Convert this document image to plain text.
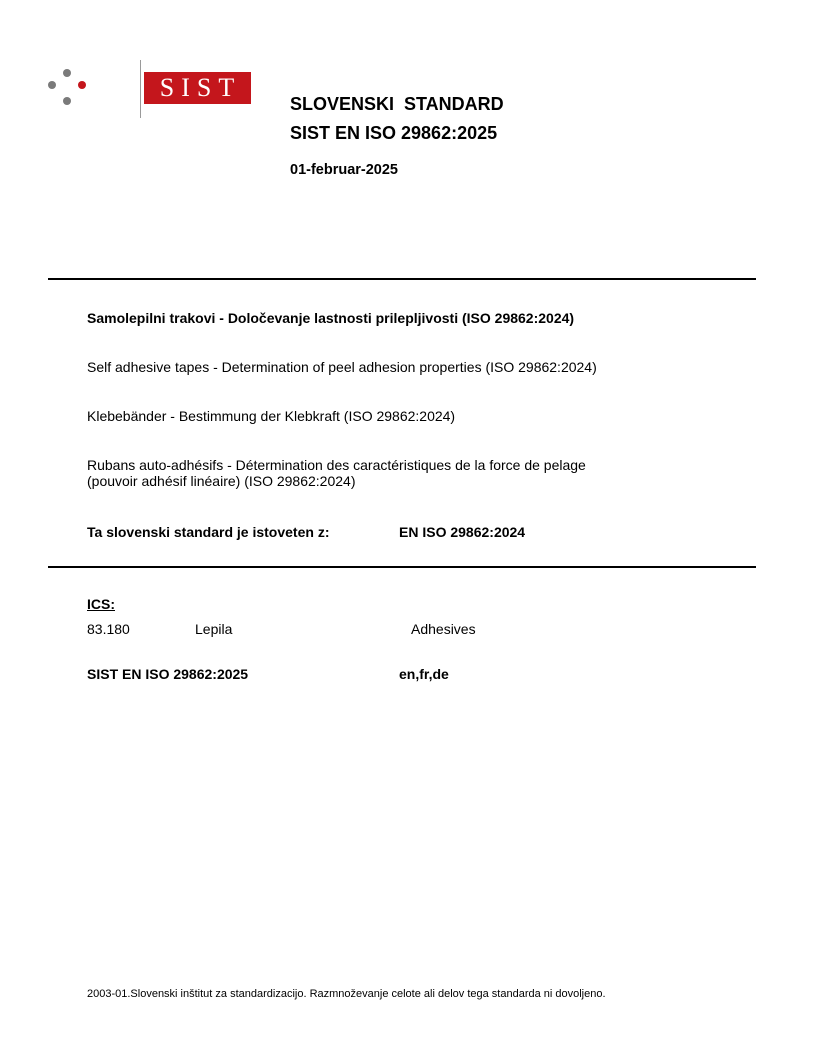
SIST
SLOVENSKI  STANDARD
SIST EN ISO 29862:2025
01-februar-2025
Samolepilni trakovi - Določevanje lastnosti prilepljivosti (ISO 29862:2024)
Self adhesive tapes - Determination of peel adhesion properties (ISO 29862:2024)
Klebebänder - Bestimmung der Klebkraft (ISO 29862:2024)
Rubans auto-adhésifs - Détermination des caractéristiques de la force de pelage
(pouvoir adhésif linéaire) (ISO 29862:2024)
Ta slovenski standard je istoveten z:	EN ISO 29862:2024
ICS:
83.180	Lepila	Adhesives
SIST EN ISO 29862:2025	en,fr,de
2003-01.Slovenski inštitut za standardizacijo. Razmnoževanje celote ali delov tega standarda ni dovoljeno.
